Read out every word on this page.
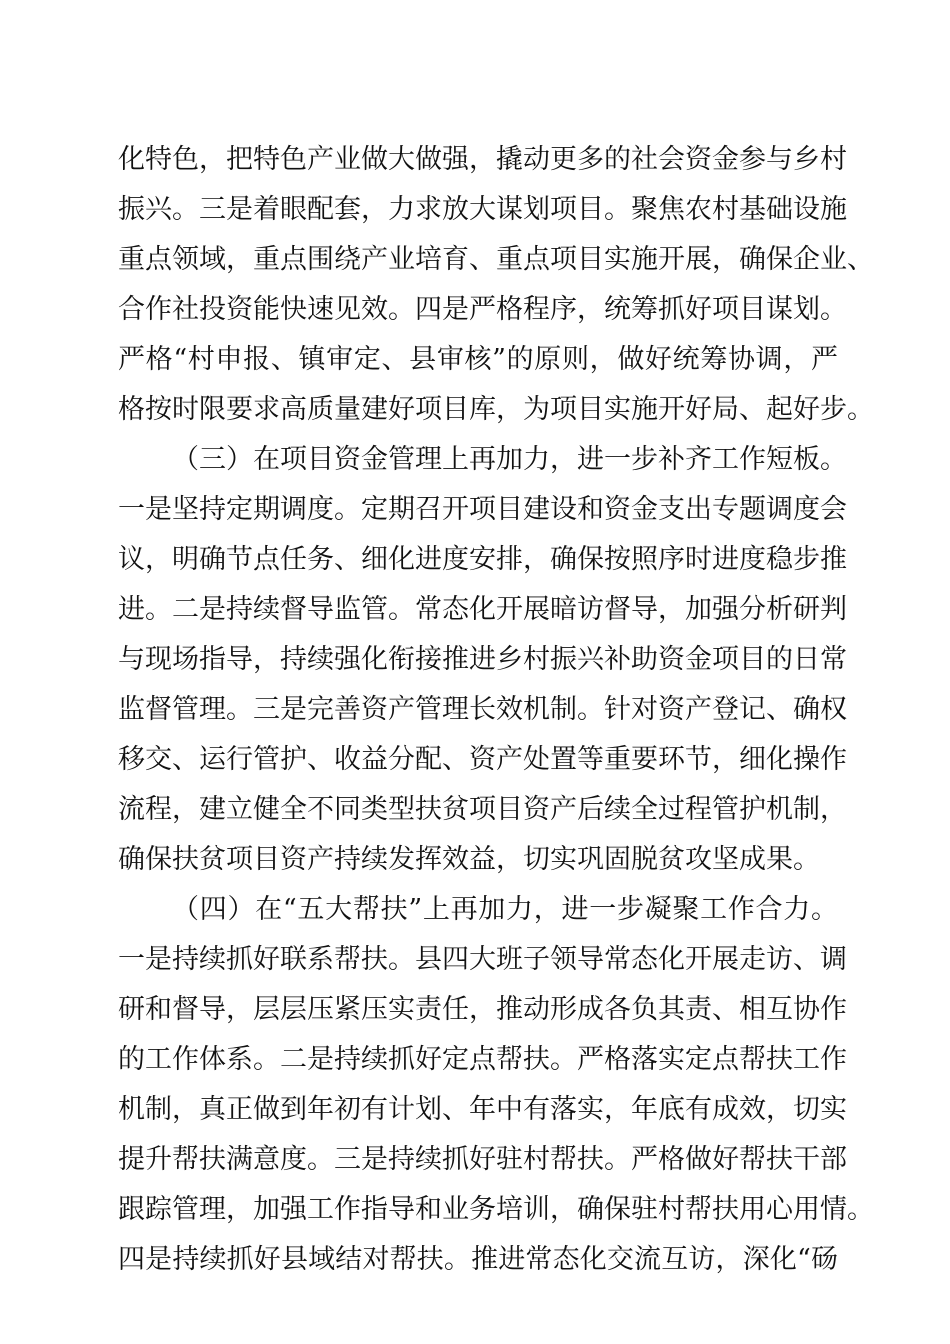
化特色，把特色产业做大做强，撬动更多的社会资金参与乡村
振兴。三是着眼配套，力求放大谋划项目。聚焦农村基础设施
重点领域，重点围绕产业培育、重点项目实施开展，确保企业、
合作社投资能快速见效。四是严格程序，统筹抓好项目谋划。
严格“村申报、镇审定、县审核”的原则，做好统筹协调，严
格按时限要求高质量建好项目库，为项目实施开好局、起好步。
（三）在项目资金管理上再加力，进一步补齐工作短板。
一是坚持定期调度。定期召开项目建设和资金支出专题调度会
议，明确节点任务、细化进度安排，确保按照序时进度稳步推
进。二是持续督导监管。常态化开展暗访督导，加强分析研判
与现场指导，持续强化衔接推进乡村振兴补助资金项目的日常
监督管理。三是完善资产管理长效机制。针对资产登记、确权
移交、运行管护、收益分配、资产处置等重要环节，细化操作
流程，建立健全不同类型扶贫项目资产后续全过程管护机制，
确保扶贫项目资产持续发挥效益，切实巩固脱贫攻坚成果。
（四）在“五大帮扶”上再加力，进一步凝聚工作合力。
一是持续抓好联系帮扶。县四大班子领导常态化开展走访、调
研和督导，层层压紧压实责任，推动形成各负其责、相互协作
的工作体系。二是持续抓好定点帮扶。严格落实定点帮扶工作
机制，真正做到年初有计划、年中有落实，年底有成效，切实
提升帮扶满意度。三是持续抓好驻村帮扶。严格做好帮扶干部
跟踪管理，加强工作指导和业务培训，确保驻村帮扶用心用情。
四是持续抓好县域结对帮扶。推进常态化交流互访，深化“砀
